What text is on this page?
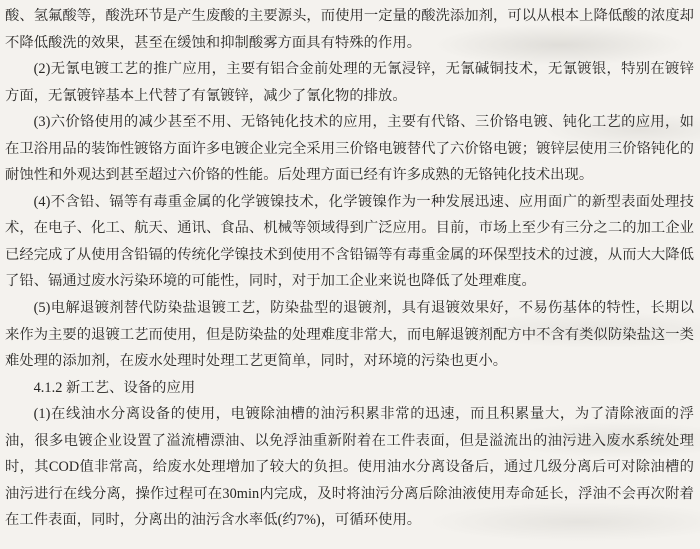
酸、氢氟酸等，酸洗环节是产生废酸的主要源头，而使用一定量的酸洗添加剂，可以从根本上降低酸的浓度却不降低酸洗的效果，甚至在缓蚀和抑制酸雾方面具有特殊的作用。

(2)无氰电镀工艺的推广应用，主要有铝合金前处理的无氰浸锌，无氰碱铜技术，无氰镀银，特别在镀锌方面，无氰镀锌基本上代替了有氰镀锌，减少了氰化物的排放。

(3)六价铬使用的减少甚至不用、无铬钝化技术的应用，主要有代铬、三价铬电镀、钝化工艺的应用，如在卫浴用品的装饰性镀铬方面许多电镀企业完全采用三价铬电镀替代了六价铬电镀；镀锌层使用三价铬钝化的耐蚀性和外观达到甚至超过六价铬的性能。后处理方面已经有许多成熟的无铬钝化技术出现。

(4)不含铅、镉等有毒重金属的化学镀镍技术，化学镀镍作为一种发展迅速、应用面广的新型表面处理技术，在电子、化工、航天、通讯、食品、机械等领域得到广泛应用。目前，市场上至少有三分之二的加工企业已经完成了从使用含铅镉的传统化学镍技术到使用不含铅镉等有毒重金属的环保型技术的过渡，从而大大降低了铅、镉通过废水污染环境的可能性，同时，对于加工企业来说也降低了处理难度。

(5)电解退镀剂替代防染盐退镀工艺，防染盐型的退镀剂，具有退镀效果好，不易伤基体的特性，长期以来作为主要的退镀工艺而使用，但是防染盐的处理难度非常大，而电解退镀剂配方中不含有类似防染盐这一类难处理的添加剂，在废水处理时处理工艺更简单，同时，对环境的污染也更小。

4.1.2 新工艺、设备的应用

(1)在线油水分离设备的使用，电镀除油槽的油污积累非常的迅速，而且积累量大，为了清除液面的浮油，很多电镀企业设置了溢流槽漂油、以免浮油重新附着在工件表面，但是溢流出的油污进入废水系统处理时，其COD值非常高，给废水处理增加了较大的负担。使用油水分离设备后，通过几级分离后可对除油槽的油污进行在线分离，操作过程可在30min内完成，及时将油污分离后除油液使用寿命延长，浮油不会再次附着在工件表面，同时，分离出的油污含水率低(约7%)，可循环使用。
